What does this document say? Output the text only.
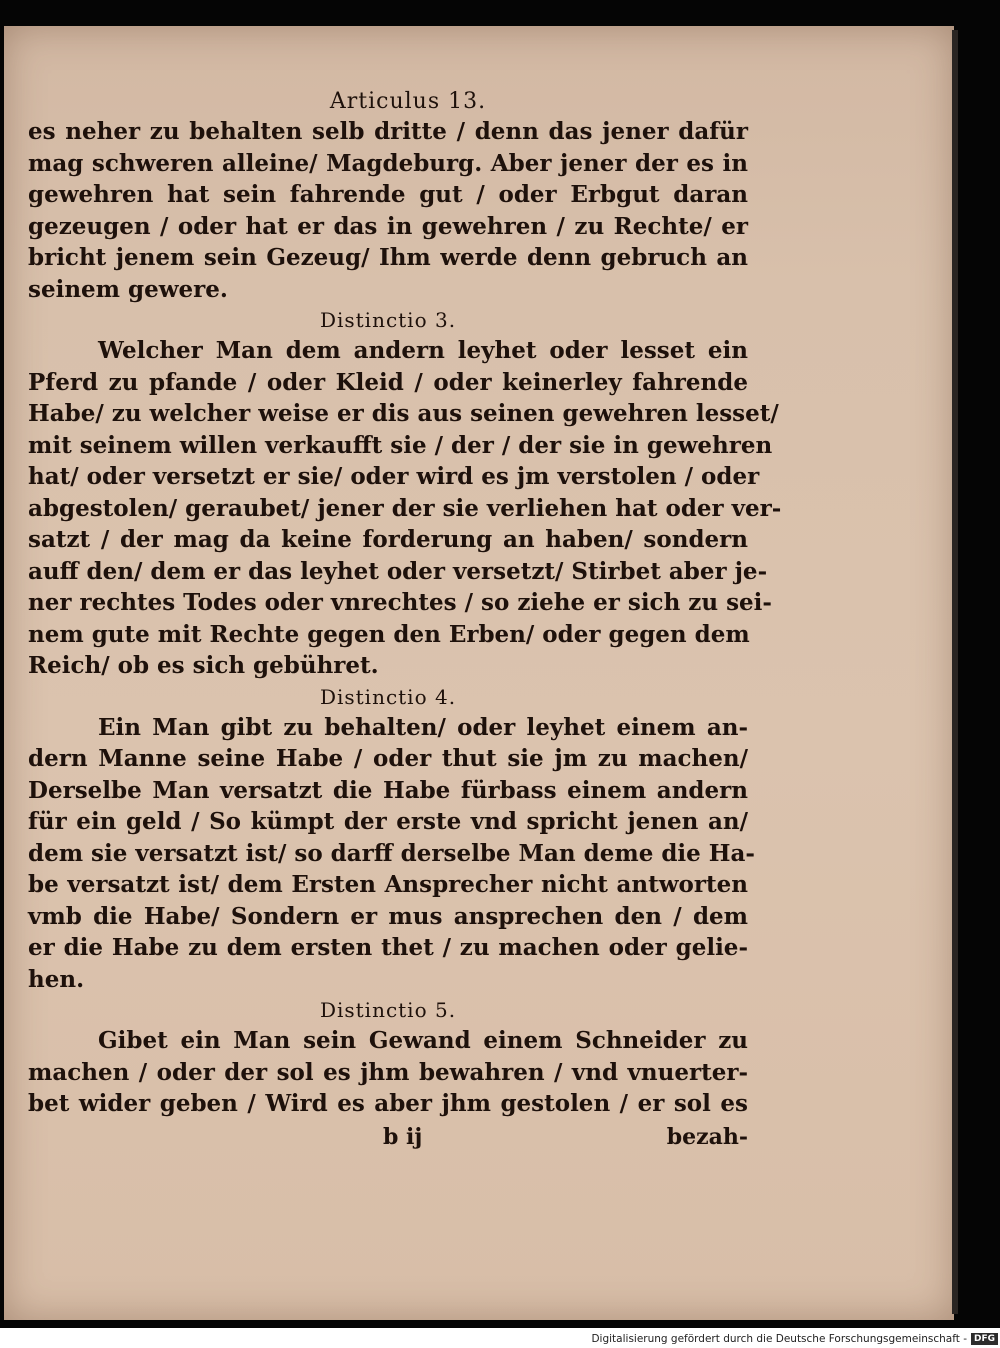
Articulus 13.
es neher zu behalten selb dritte / denn das jener dafür
mag schweren alleine/ Magdeburg. Aber jener der es in
gewehren hat sein fahrende gut / oder Erbgut daran
gezeugen / oder hat er das in gewehren / zu Rechte/ er
bricht jenem sein Gezeug/ Ihm werde denn gebruch an
seinem gewere.
Distinctio 3.
Welcher Man dem andern leyhet oder lesset ein
Pferd zu pfande / oder Kleid / oder keinerley fahrende
Habe/ zu welcher weise er dis aus seinen gewehren lesset/
mit seinem willen verkaufft sie / der / der sie in gewehren
hat/ oder versetzt er sie/ oder wird es jm verstolen / oder
abgestolen/ geraubet/ jener der sie verliehen hat oder ver-
satzt / der mag da keine forderung an haben/ sondern
auff den/ dem er das leyhet oder versetzt/ Stirbet aber je-
ner rechtes Todes oder vnrechtes / so ziehe er sich zu sei-
nem gute mit Rechte gegen den Erben/ oder gegen dem
Reich/ ob es sich gebühret.
Distinctio 4.
Ein Man gibt zu behalten/ oder leyhet einem an-
dern Manne seine Habe / oder thut sie jm zu machen/
Derselbe Man versatzt die Habe fürbass einem andern
für ein geld / So kümpt der erste vnd spricht jenen an/
dem sie versatzt ist/ so darff derselbe Man deme die Ha-
be versatzt ist/ dem Ersten Ansprecher nicht antworten
vmb die Habe/ Sondern er mus ansprechen den / dem
er die Habe zu dem ersten thet / zu machen oder gelie-
hen.
Distinctio 5.
Gibet ein Man sein Gewand einem Schneider zu
machen / oder der sol es jhm bewahren / vnd vnuerter-
bet wider geben / Wird es aber jhm gestolen / er sol es
b ij	bezah-
Digitalisierung gefördert durch die Deutsche Forschungsgemeinschaft - DFG
